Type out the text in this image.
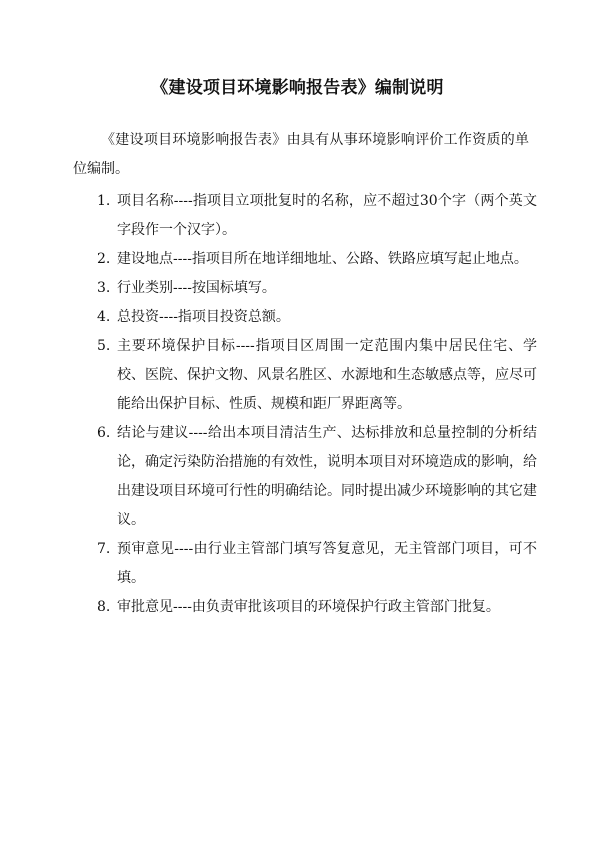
《建设项目环境影响报告表》编制说明
《建设项目环境影响报告表》由具有从事环境影响评价工作资质的单位编制。
1. 项目名称----指项目立项批复时的名称，应不超过30个字（两个英文字段作一个汉字）。
2. 建设地点----指项目所在地详细地址、公路、铁路应填写起止地点。
3. 行业类别----按国标填写。
4. 总投资----指项目投资总额。
5. 主要环境保护目标----指项目区周围一定范围内集中居民住宅、学校、医院、保护文物、风景名胜区、水源地和生态敏感点等，应尽可能给出保护目标、性质、规模和距厂界距离等。
6. 结论与建议----给出本项目清洁生产、达标排放和总量控制的分析结论，确定污染防治措施的有效性，说明本项目对环境造成的影响，给出建设项目环境可行性的明确结论。同时提出减少环境影响的其它建议。
7. 预审意见----由行业主管部门填写答复意见，无主管部门项目，可不填。
8. 审批意见----由负责审批该项目的环境保护行政主管部门批复。
